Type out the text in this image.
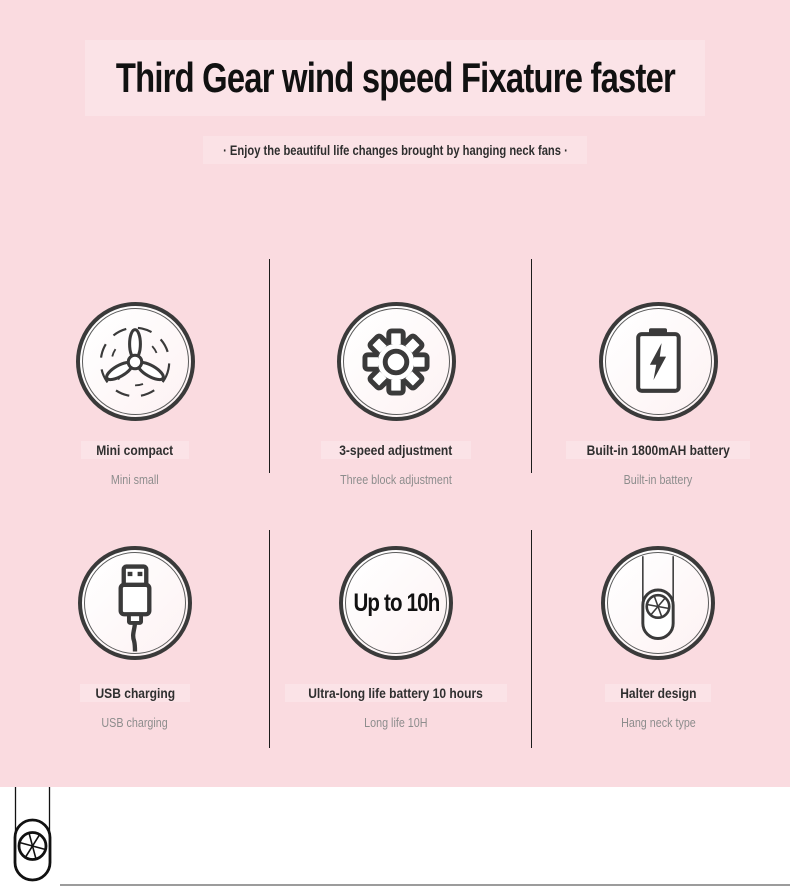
Third Gear wind speed Fixature faster
· Enjoy the beautiful life changes brought by hanging neck fans ·
Mini compact
Mini small
3-speed adjustment
Three block adjustment
Built-in 1800mAH battery
Built-in battery
USB charging
USB charging
Up to 10h
Ultra-long life battery 10 hours
Long life 10H
Halter design
Hang neck type
